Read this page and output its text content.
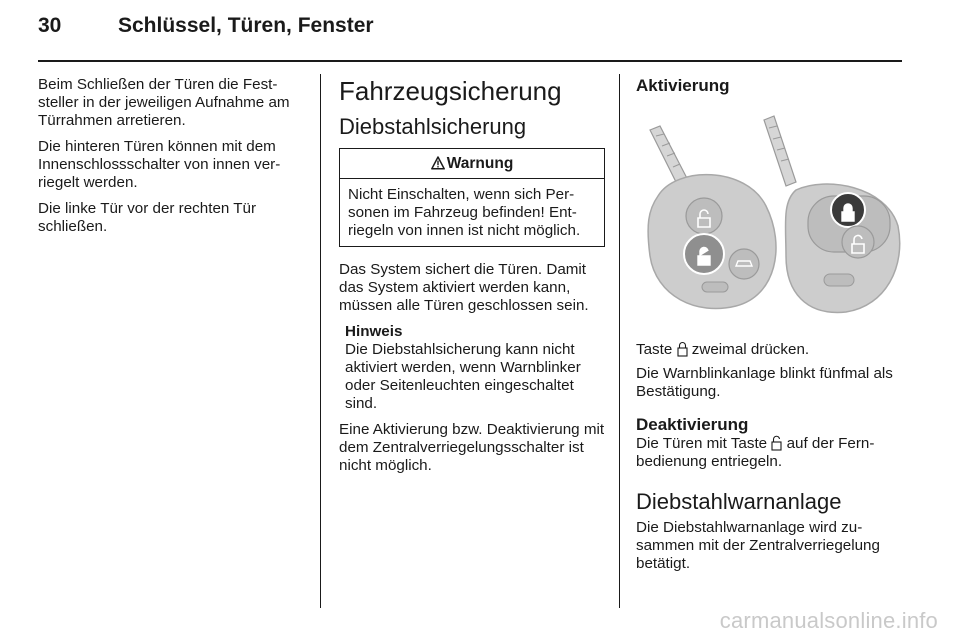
30	Schlüssel, Türen, Fenster

Beim Schließen der Türen die Feststeller in der jeweiligen Aufnahme am Türrahmen arretieren.

Die hinteren Türen können mit dem Innenschlossschalter von innen verriegelt werden.

Die linke Tür vor der rechten Tür schließen.

Fahrzeugsicherung
Diebstahlsicherung
Warnung
Nicht Einschalten, wenn sich Personen im Fahrzeug befinden! Entriegeln von innen ist nicht möglich.

Das System sichert die Türen. Damit das System aktiviert werden kann, müssen alle Türen geschlossen sein.

Hinweis
Die Diebstahlsicherung kann nicht aktiviert werden, wenn Warnblinker oder Seitenleuchten eingeschaltet sind.

Eine Aktivierung bzw. Deaktivierung mit dem Zentralverriegelungsschalter ist nicht möglich.

Aktivierung

Taste zweimal drücken.

Die Warnblinkanlage blinkt fünfmal als Bestätigung.

Deaktivierung

Die Türen mit Taste auf der Fernbedienung entriegeln.

Diebstahlwarnanlage

Die Diebstahlwarnanlage wird zusammen mit der Zentralverriegelung betätigt.

carmanualsonline.info
